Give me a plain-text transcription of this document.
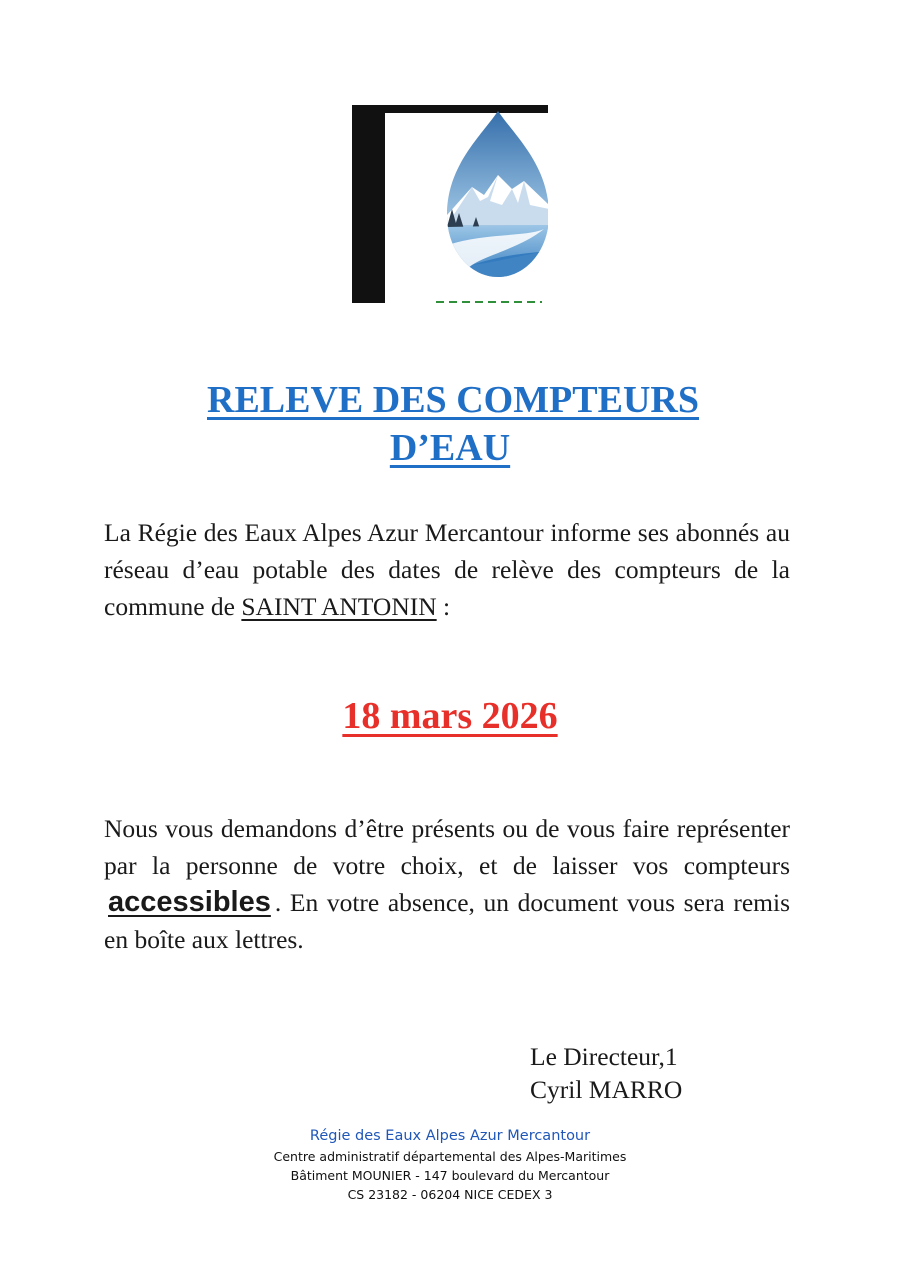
RELEVE DES COMPTEURS
D’EAU
La Régie des Eaux Alpes Azur Mercantour informe ses abonnés au réseau d’eau potable des dates de relève des compteurs de la commune de SAINT ANTONIN :
18 mars 2026
Nous vous demandons d’être présents ou de vous faire représenter par la personne de votre choix, et de laisser vos compteurs accessibles . En votre absence, un document vous sera remis en boîte aux lettres.
Le Directeur,1
Cyril MARRO
Régie des Eaux Alpes Azur Mercantour
Centre administratif départemental des Alpes-Maritimes
Bâtiment MOUNIER - 147 boulevard du Mercantour
CS 23182 - 06204 NICE CEDEX 3
